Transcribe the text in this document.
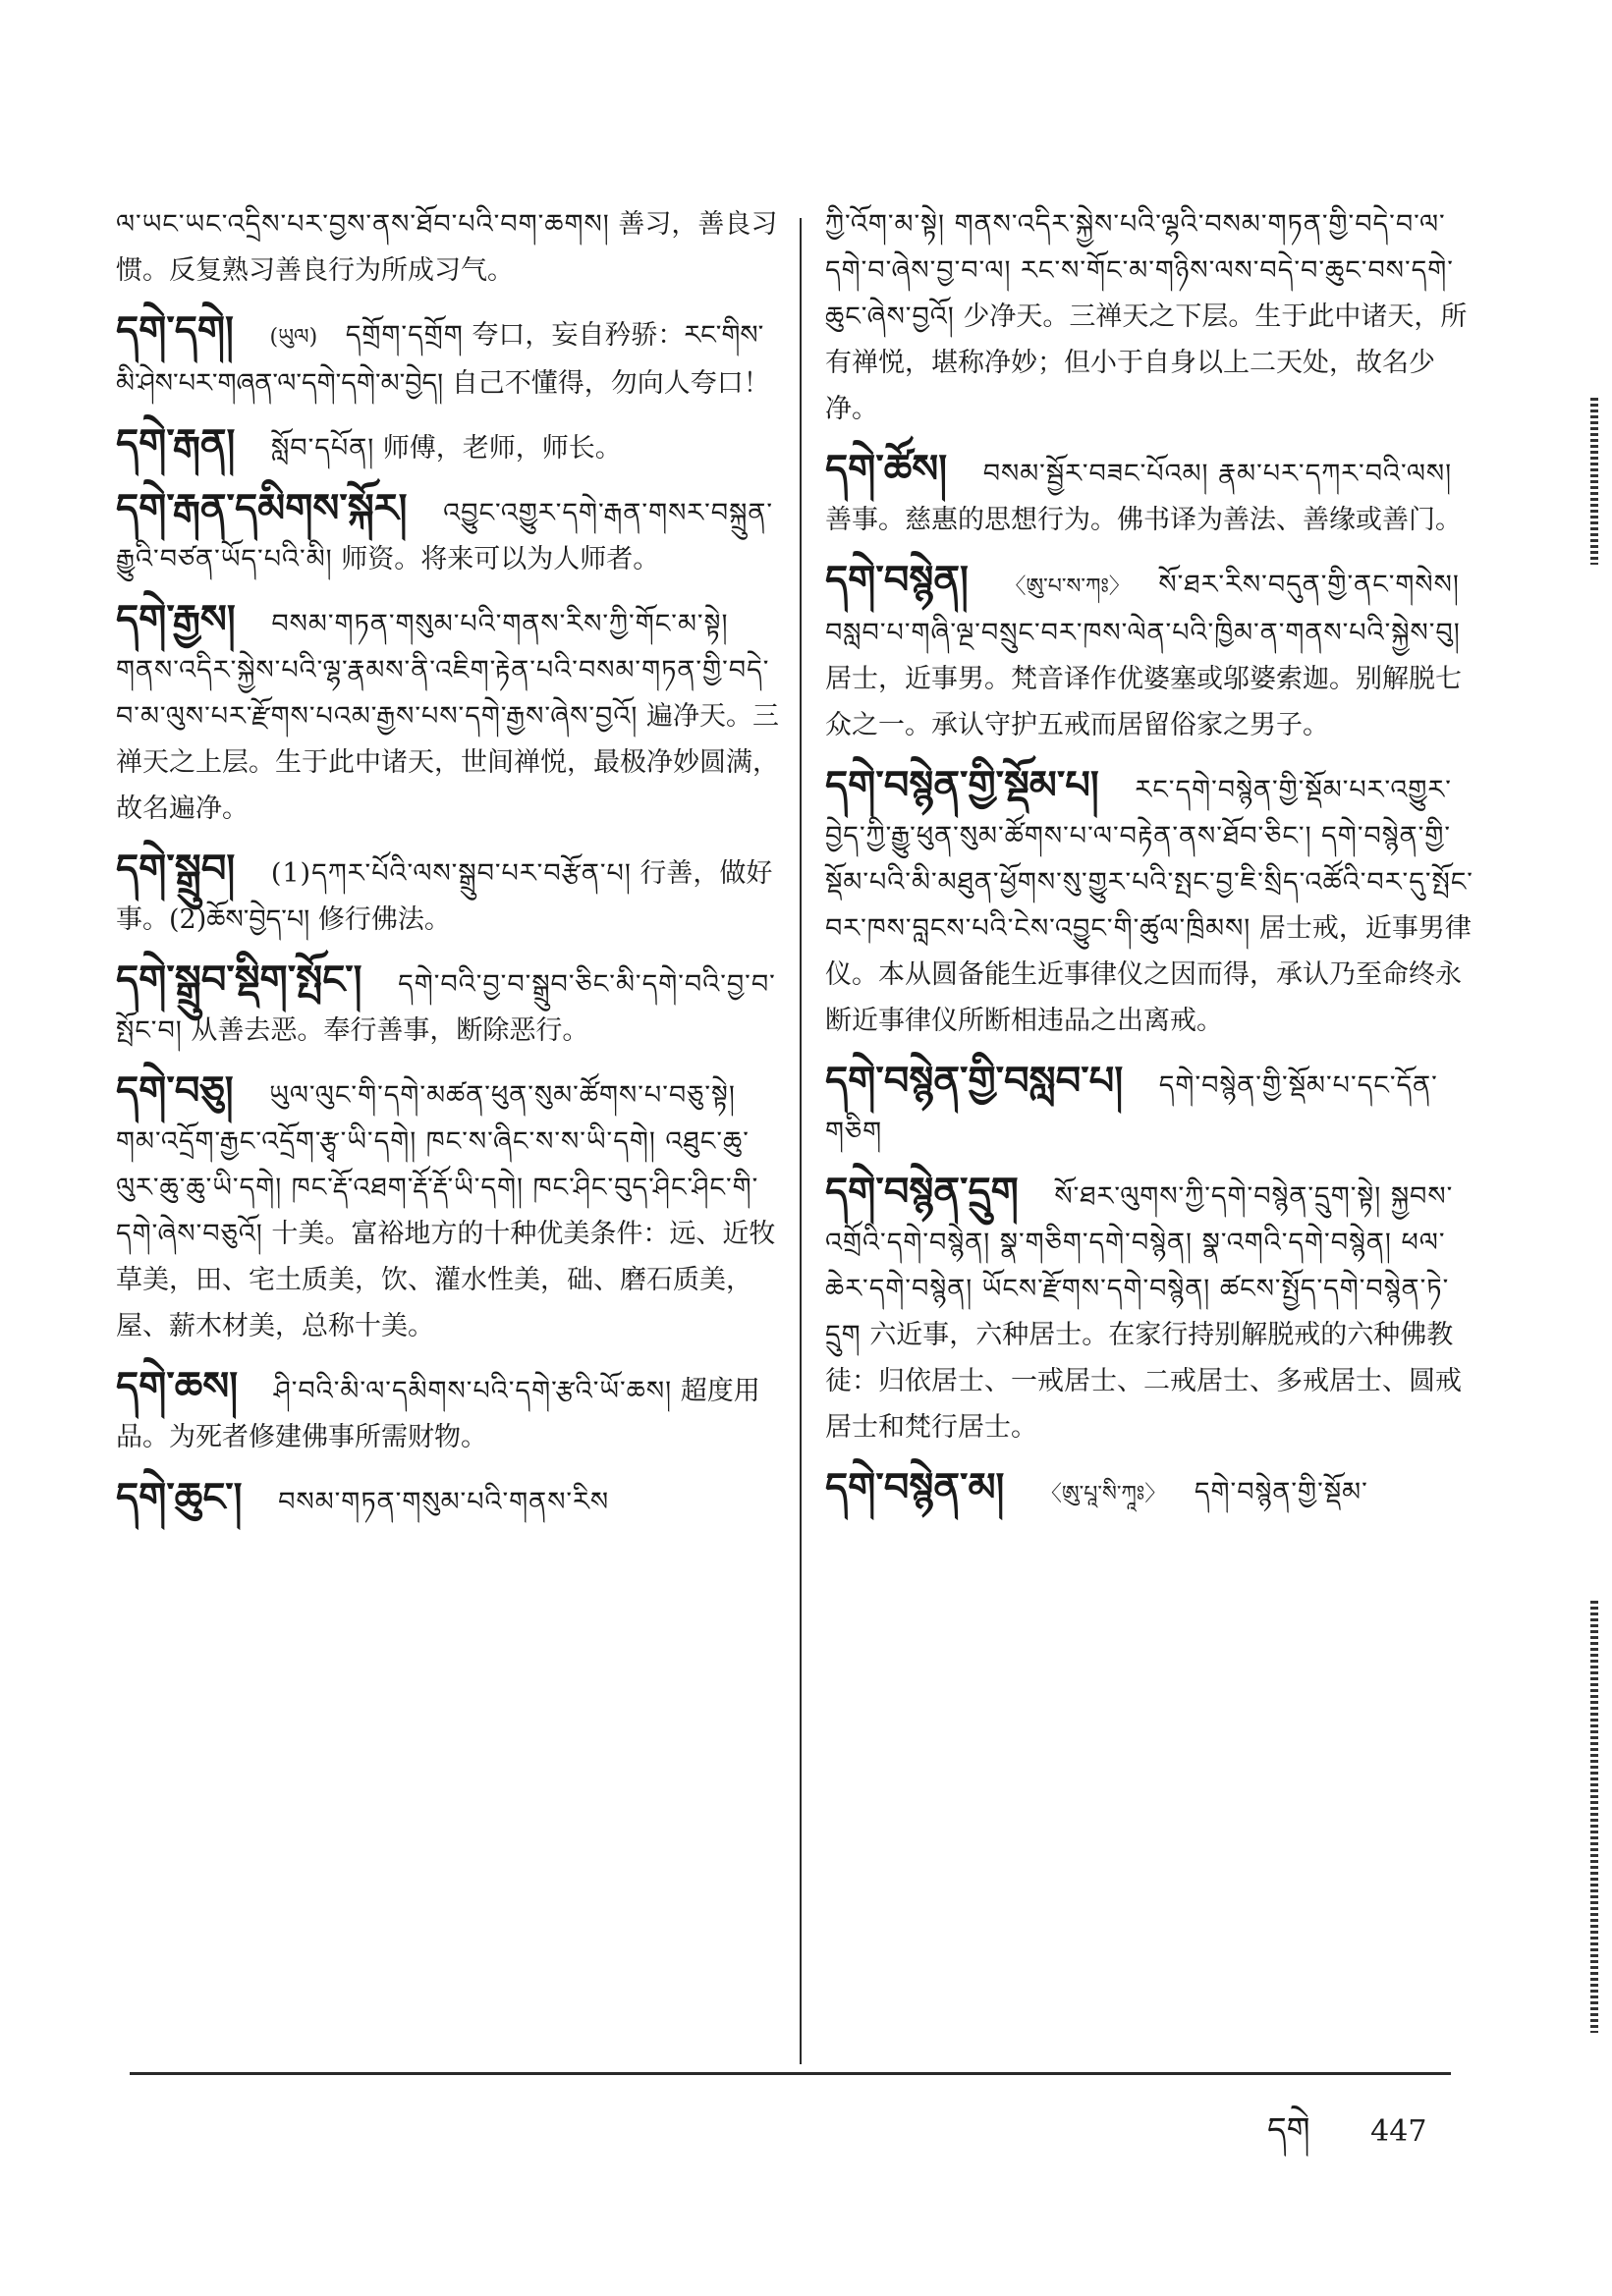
ལ་ཡང་ཡང་འདྲིས་པར་བྱས་ནས་ཐོབ་པའི་བག་ཆགས། 善习，善良习惯。反复熟习善良行为所成习气。
དགེ་དགེ། (ཡུལ) དགྲོག་དགྲོག 夸口，妄自矜骄：རང་གིས་མི་ཤེས་པར་གཞན་ལ་དགེ་དགེ་མ་བྱེད། 自己不懂得，勿向人夸口！
དགེ་རྒན། སློབ་དཔོན། 师傅，老师，师长。
དགེ་རྒན་དམིགས་སྐོར། འབྱུང་འགྱུར་དགེ་རྒན་གསར་བསྐྲུན་རྒྱུའི་བཙན་ཡོད་པའི་མི། 师资。将来可以为人师者。
དགེ་རྒྱས། བསམ་གཏན་གསུམ་པའི་གནས་རིས་ཀྱི་གོང་མ་སྟེ། གནས་འདིར་སྐྱེས་པའི་ལྷ་རྣམས་ནི་འཇིག་རྟེན་པའི་བསམ་གཏན་གྱི་བདེ་བ་མ་ལུས་པར་རྫོགས་པའམ་རྒྱས་པས་དགེ་རྒྱས་ཞེས་བྱའོ། 遍净天。三禅天之上层。生于此中诸天，世间禅悦，最极净妙圆满，故名遍净。
དགེ་སྒྲུབ། (1)དཀར་པོའི་ལས་སྒྲུབ་པར་བརྩོན་པ། 行善，做好事。(2)ཆོས་བྱེད་པ། 修行佛法。
དགེ་སྒྲུབ་སྡིག་སྤོང་། དགེ་བའི་བྱ་བ་སྒྲུབ་ཅིང་མི་དགེ་བའི་བྱ་བ་སྤོང་བ། 从善去恶。奉行善事，断除恶行。
དགེ་བཅུ། ཡུལ་ལུང་གི་དགེ་མཚན་ཕུན་སུམ་ཚོགས་པ་བཅུ་སྟེ། གམ་འདྲོག་རྒྱང་འདྲོག་རྩྭ་ཡི་དགེ། ཁང་ས་ཞིང་ས་ས་ཡི་དགེ། འཐུང་ཆུ་ལུར་ཆུ་ཆུ་ཡི་དགེ། ཁང་རྡོ་འཐག་རྡོ་རྡོ་ཡི་དགེ། ཁང་ཤིང་བུད་ཤིང་ཤིང་གི་དགེ་ཞེས་བཅུའོ། 十美。富裕地方的十种优美条件：远、近牧草美，田、宅土质美，饮、灌水性美，础、磨石质美，屋、薪木材美，总称十美。
དགེ་ཆས། ཤི་བའི་མི་ལ་དམིགས་པའི་དགེ་རྩའི་ཡོ་ཆས། 超度用品。为死者修建佛事所需财物。
དགེ་ཆུང་། བསམ་གཏན་གསུམ་པའི་གནས་རིས
ཀྱི་འོག་མ་སྟེ། གནས་འདིར་སྐྱེས་པའི་ལྷའི་བསམ་གཏན་གྱི་བདེ་བ་ལ་དགེ་བ་ཞེས་བྱ་བ་ལ། རང་ས་གོང་མ་གཉིས་ལས་བདེ་བ་ཆུང་བས་དགེ་ཆུང་ཞེས་བྱའོ། 少净天。三禅天之下层。生于此中诸天，所有禅悦，堪称净妙；但小于自身以上二天处，故名少净。
དགེ་ཚོས། བསམ་སྦྱོར་བཟང་པོའམ། རྣམ་པར་དཀར་བའི་ལས། 善事。慈惠的思想行为。佛书译为善法、善缘或善门。
དགེ་བསྙེན། 〈ཨུ་པ་ས་ཀཿ〉 སོ་ཐར་རིས་བདུན་གྱི་ནང་གསེས། བསླབ་པ་གཞི་ལྔ་བསྲུང་བར་ཁས་ལེན་པའི་ཁྱིམ་ན་གནས་པའི་སྐྱེས་བུ། 居士，近事男。梵音译作优婆塞或邬婆索迦。别解脱七众之一。承认守护五戒而居留俗家之男子。
དགེ་བསྙེན་གྱི་སྡོམ་པ། རང་དགེ་བསྙེན་གྱི་སྡོམ་པར་འགྱུར་བྱེད་ཀྱི་རྒྱུ་ཕུན་སུམ་ཚོགས་པ་ལ་བརྟེན་ནས་ཐོབ་ཅིང་། དགེ་བསྙེན་གྱི་སྡོམ་པའི་མི་མཐུན་ཕྱོགས་སུ་གྱུར་པའི་སྤང་བྱ་ཇི་སྲིད་འཚོའི་བར་དུ་སྤོང་བར་ཁས་བླངས་པའི་ངེས་འབྱུང་གི་ཚུལ་ཁྲིམས། 居士戒，近事男律仪。本从圆备能生近事律仪之因而得，承认乃至命终永断近事律仪所断相违品之出离戒。
དགེ་བསྙེན་གྱི་བསླབ་པ། དགེ་བསྙེན་གྱི་སྡོམ་པ་དང་དོན་གཅིག
དགེ་བསྙེན་དྲུག སོ་ཐར་ལུགས་ཀྱི་དགེ་བསྙེན་དྲུག་སྟེ། སྐྱབས་འགྲོའི་དགེ་བསྙེན། སྣ་གཅིག་དགེ་བསྙེན། སྣ་འགའི་དགེ་བསྙེན། ཕལ་ཆེར་དགེ་བསྙེན། ཡོངས་རྫོགས་དགེ་བསྙེན། ཚངས་སྤྱོད་དགེ་བསྙེན་ཏེ་དྲུག 六近事，六种居士。在家行持别解脱戒的六种佛教徒：归依居士、一戒居士、二戒居士、多戒居士、圆戒居士和梵行居士。
དགེ་བསྙེན་མ། 〈ཨུ་པཱ་སི་ཀཱཿ〉 དགེ་བསྙེན་གྱི་སྡོམ་
དགེ 447
